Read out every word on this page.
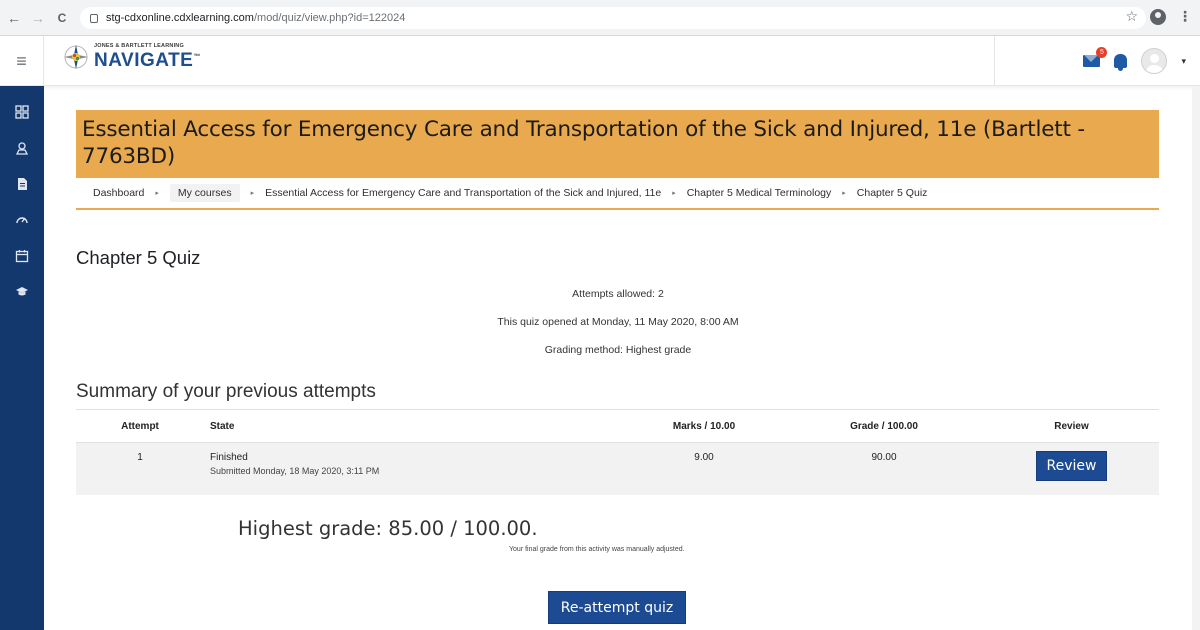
← →	C	stg-cdxonline.cdxlearning.com /mod/quiz/view.php?id=122024	☆	⋮
≡
JONES & BARTLETT LEARNING
NAVIGATE™
5
▾
Essential Access for Emergency Care and Transportation of the Sick and Injured, 11e (Bartlett - 7763BD)
Dashboard ▸	My courses	▸ Essential Access for Emergency Care and Transportation of the Sick and Injured, 11e ▸ Chapter 5 Medical Terminology ▸ Chapter 5 Quiz
Chapter 5 Quiz

Attempts allowed: 2

This quiz opened at Monday, 11 May 2020, 8:00 AM

Grading method: Highest grade

Summary of your previous attempts
Attempt	State	Marks / 10.00	Grade / 100.00	Review
1	Finished
Submitted Monday, 18 May 2020, 3:11 PM	9.00	90.00	Review
Highest grade: 85.00 / 100.00.

Your final grade from this activity was manually adjusted.

Re-attempt quiz
